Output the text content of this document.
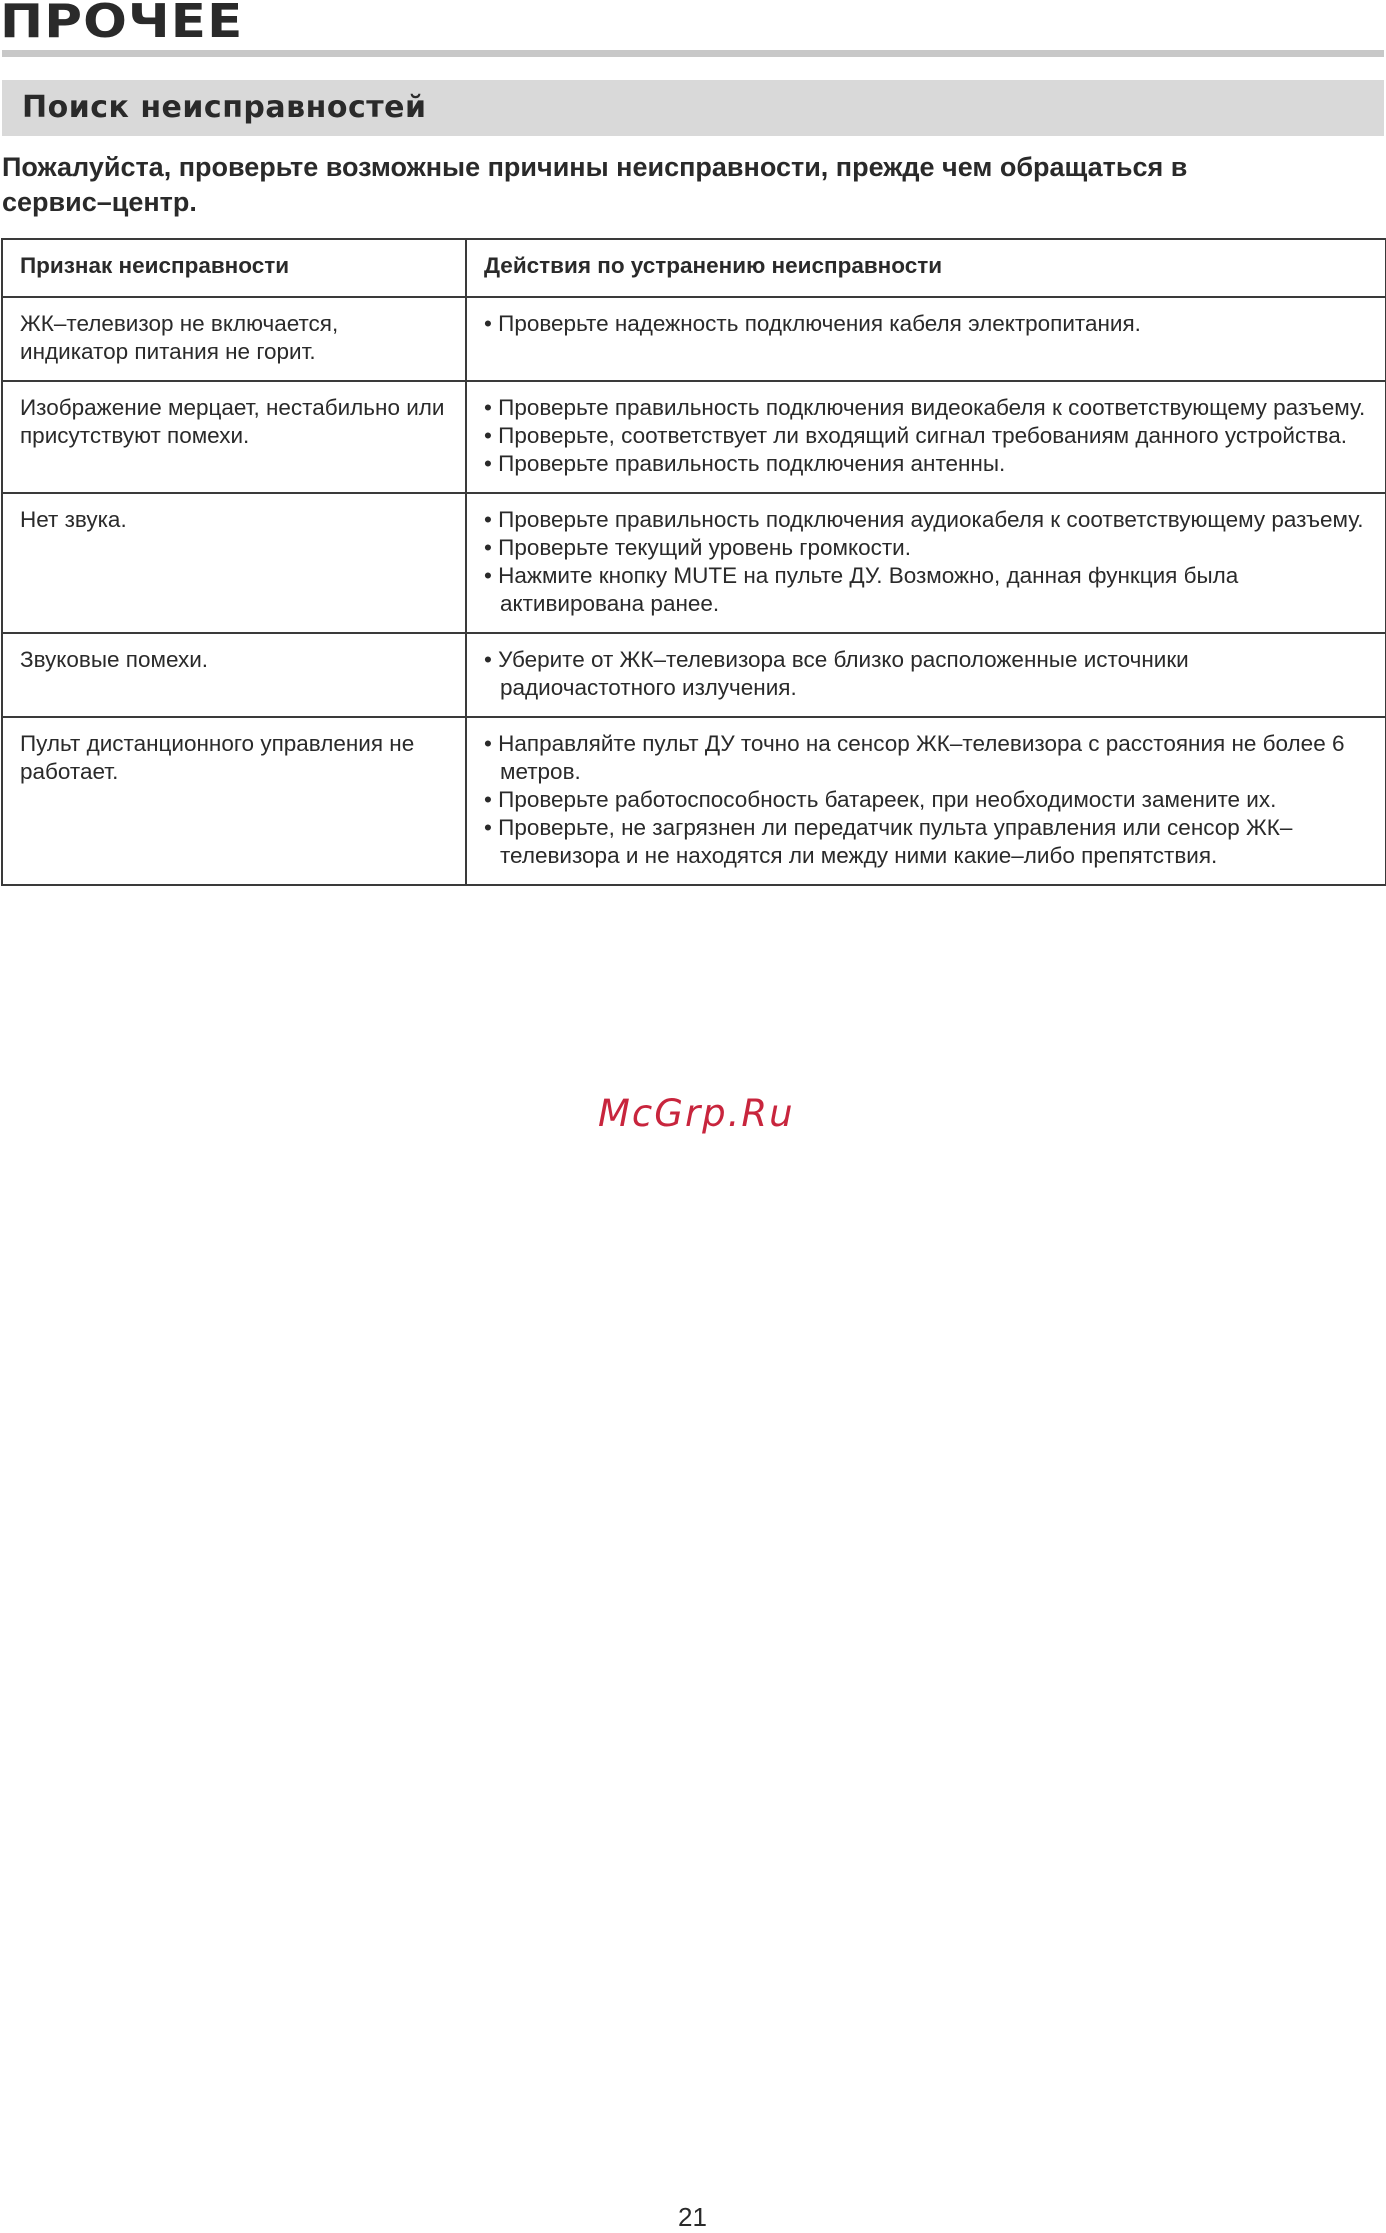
ПРОЧЕЕ
Поиск неисправностей
Пожалуйста, проверьте возможные причины неисправности, прежде чем обращаться в сервис–центр.
Признак неисправности	Действия по устранению неисправности
ЖК–телевизор не включается, индикатор питания не горит.	• Проверьте надежность подключения кабеля электропитания.

Изображение мерцает, нестабильно или присутствуют помехи.	• Проверьте правильность подключения видеокабеля к соответствующему разъему.
• Проверьте, соответствует ли входящий сигнал требованиям данного устройства.
• Проверьте правильность подключения антенны.

Нет звука.	• Проверьте правильность подключения аудиокабеля к соответствующему разъему.
• Проверьте текущий уровень громкости.
• Нажмите кнопку MUTE на пульте ДУ. Возможно, данная функция была активирована ранее.

Звуковые помехи.	• Уберите от ЖК–телевизора все близко расположенные источники радиочастотного излучения.

Пульт дистанционного управления не работает.	• Направляйте пульт ДУ точно на сенсор ЖК–телевизора с расстояния не более 6 метров.
• Проверьте работоспособность батареек, при необходимости замените их.
• Проверьте, не загрязнен ли передатчик пульта управления или сенсор ЖК–телевизора и не находятся ли между ними какие–либо препятствия.
McGrp.Ru
21
